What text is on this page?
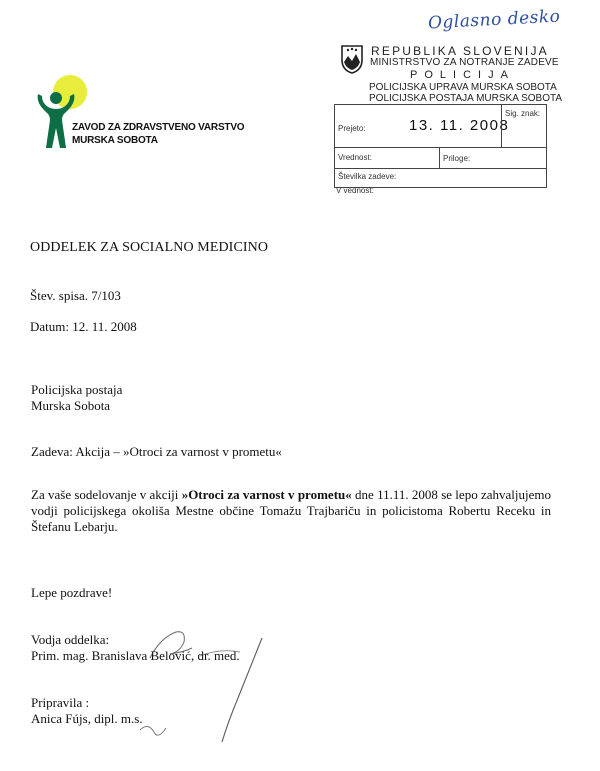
Oglasno desko
ZAVOD ZA ZDRAVSTVENO VARSTVO
MURSKA SOBOTA
REPUBLIKA SLOVENIJA
MINISTRSTVO ZA NOTRANJE ZADEVE
POLICIJA
POLICIJSKA UPRAVA MURSKA SOBOTA
POLICIJSKA POSTAJA MURSKA SOBOTA
Prejeto:	13. 11. 2008
Sig. znak:
Vrednost:	Priloge:
Številka zadeve:
V vednost:
ODDELEK ZA SOCIALNO MEDICINO
Štev. spisa. 7/103
Datum: 12. 11. 2008
Policijska postaja
Murska Sobota
Zadeva: Akcija – »Otroci za varnost v prometu«
Za vaše sodelovanje v akciji »Otroci za varnost v prometu« dne 11.11. 2008 se lepo zahvaljujemo vodji policijskega okoliša Mestne občine Tomažu Trajbariču in policistoma Robertu Receku in Štefanu Lebarju.
Lepe pozdrave!
Vodja oddelka:
Prim. mag. Branislava Belović, dr. med.
Pripravila :
Anica Fújs, dipl. m.s.
